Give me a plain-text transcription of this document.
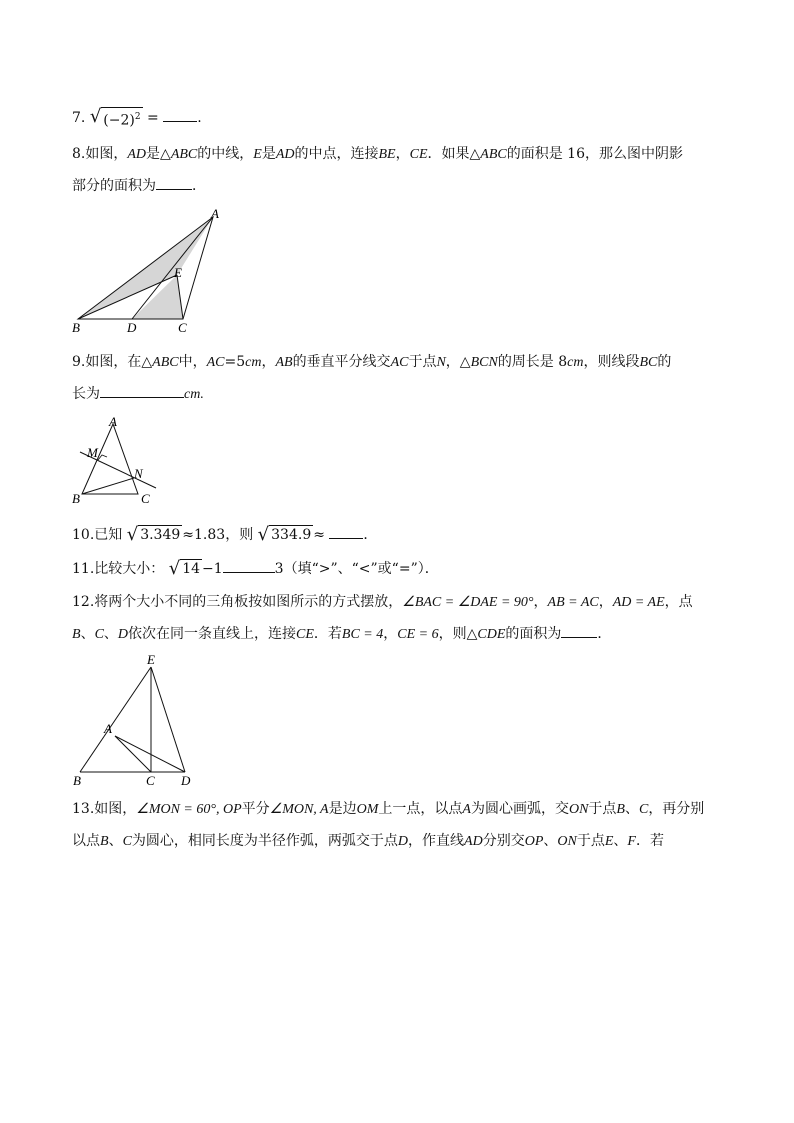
7. √ $(-2)^2$ =	.
8.如图，AD是△ABC的中线，E是AD的中点，连接BE，CE．如果△ABC的面积是 16，那么图中阴影
部分的面积为	．
A
E
B	D	C
9.如图，在△ABC中，AC=5cm，AB的垂直平分线交AC于点N，△BCN的周长是 8cm，则线段BC的
长为	cm.
A
M
N
B	C
10.已知 √ 3.349 ≈1.83，则 √ 334.9 ≈	．
11.比较大小： √ 14 −1	3（填“>”、“<”或“=”）．
12.将两个大小不同的三角板按如图所示的方式摆放，∠BAC = ∠DAE = 90°，AB = AC，AD = AE，点
B、C、D依次在同一条直线上，连接CE．若BC = 4，CE = 6，则△CDE的面积为	．
E
A
B	C D
13.如图，∠MON = 60°, OP平分∠MON, A是边OM上一点，以点A为圆心画弧，交ON于点B、C，再分别
以点B、C为圆心，相同长度为半径作弧，两弧交于点D，作直线AD分别交OP、ON于点E、F．若
